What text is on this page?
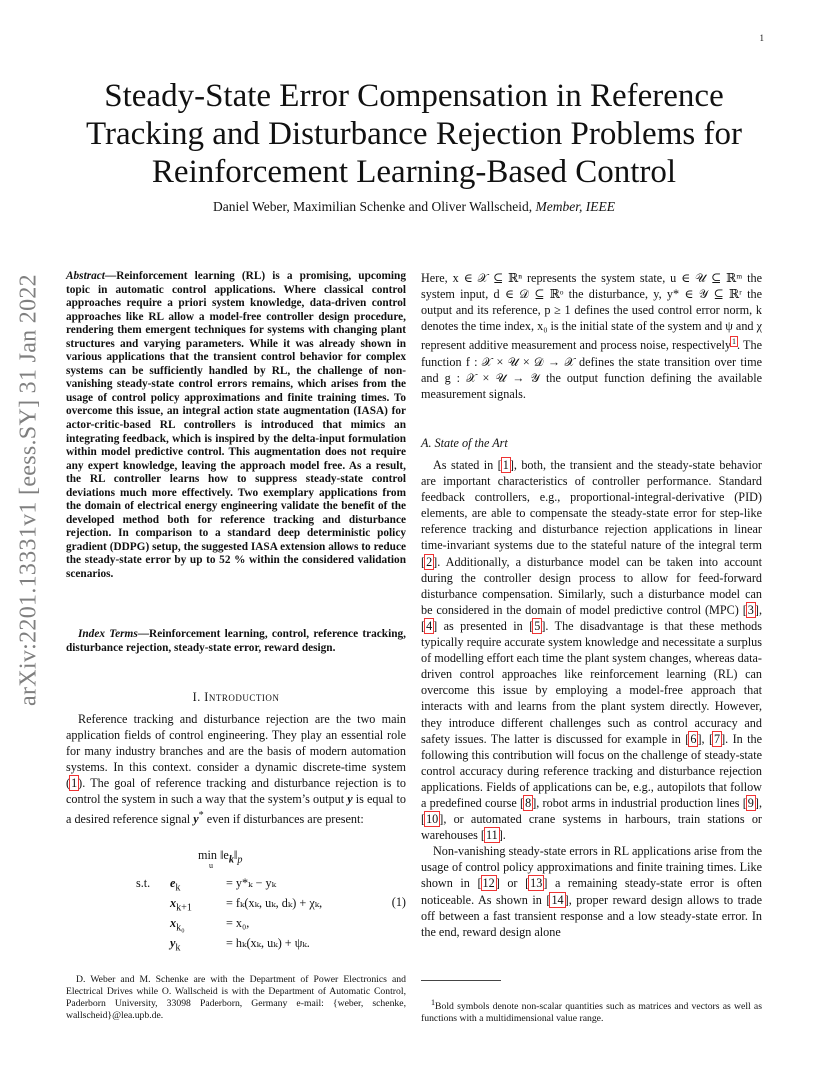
1
arXiv:2201.13331v1 [eess.SY] 31 Jan 2022
Steady-State Error Compensation in Reference
Tracking and Disturbance Rejection Problems for
Reinforcement Learning-Based Control
Daniel Weber, Maximilian Schenke and Oliver Wallscheid, Member, IEEE

Abstract—Reinforcement learning (RL) is a promising, upcoming topic in automatic control applications. Where classical control approaches require a priori system knowledge, data-driven control approaches like RL allow a model-free controller design procedure, rendering them emergent techniques for systems with changing plant structures and varying parameters. While it was already shown in various applications that the transient control behavior for complex systems can be sufficiently handled by RL, the challenge of non-vanishing steady-state control errors remains, which arises from the usage of control policy approximations and finite training times. To overcome this issue, an integral action state augmentation (IASA) for actor-critic-based RL controllers is introduced that mimics an integrating feedback, which is inspired by the delta-input formulation within model predictive control. This augmentation does not require any expert knowledge, leaving the approach model free. As a result, the RL controller learns how to suppress steady-state control deviations much more effectively. Two exemplary applications from the domain of electrical energy engineering validate the benefit of the developed method both for reference tracking and disturbance rejection. In comparison to a standard deep deterministic policy gradient (DDPG) setup, the suggested IASA extension allows to reduce the steady-state error by up to 52 % within the considered validation scenarios.

Index Terms—Reinforcement learning, control, reference tracking, disturbance rejection, steady-state error, reward design.

I. Introduction

Reference tracking and disturbance rejection are the two main application fields of control engineering. They play an essential role for many industry branches and are the basis of modern automation systems. In this context. consider a dynamic discrete-time system (1). The goal of reference tracking and disturbance rejection is to control the system in such a way that the system’s output y is equal to a desired reference signal y* even if disturbances are present:

$\min ‖e_k‖_p$
u
s.t. $e_k$	= y*ₖ − yₖ
$x_{k+1}$	= fₖ(xₖ, uₖ, dₖ) + χₖ,
$x_{k_0}$	= x₀,
$y_k$	= hₖ(xₖ, uₖ) + ψₖ.
(1)

D. Weber and M. Schenke are with the Department of Power Electronics and Electrical Drives while O. Wallscheid is with the Department of Automatic Control, Paderborn University, 33098 Paderborn, Germany e-mail: {weber, schenke, wallscheid}@lea.upb.de.

Here, x ∈ 𝒳 ⊆ ℝⁿ represents the system state, u ∈ 𝒰 ⊆ ℝᵐ the system input, d ∈ 𝒟 ⊆ ℝᵒ the disturbance, y, y* ∈ 𝒴 ⊆ ℝʳ the output and its reference, p ≥ 1 defines the used control error norm, k denotes the time index, x₀ is the initial state of the system and ψ and χ represent additive measurement and process noise, respectively$^1$. The function f : 𝒳 × 𝒰 × 𝒟 → 𝒳 defines the state transition over time and g : 𝒳 × 𝒰 → 𝒴 the output function defining the available measurement signals.

A. State of the Art

As stated in [1], both, the transient and the steady-state behavior are important characteristics of controller performance. Standard feedback controllers, e.g., proportional-integral-derivative (PID) elements, are able to compensate the steady-state error for step-like reference tracking and disturbance rejection applications in linear time-invariant systems due to the stateful nature of the integral term [2]. Additionally, a disturbance model can be taken into account during the controller design process to allow for feed-forward disturbance compensation. Similarly, such a disturbance model can be considered in the domain of model predictive control (MPC) [3], [4] as presented in [5]. The disadvantage is that these methods typically require accurate system knowledge and necessitate a surplus of modelling effort each time the plant system changes, whereas data-driven control approaches like reinforcement learning (RL) can overcome this issue by employing a model-free approach that interacts with and learns from the plant system directly. However, they introduce different challenges such as control accuracy and safety issues. The latter is discussed for example in [6], [7]. In the following this contribution will focus on the challenge of steady-state control accuracy during reference tracking and disturbance rejection applications. Fields of applications can be, e.g., autopilots that follow a predefined course [8], robot arms in industrial production lines [9], [10], or automated crane systems in harbours, train stations or warehouses [11].

Non-vanishing steady-state errors in RL applications arise from the usage of control policy approximations and finite training times. Like shown in [12] or [13] a remaining steady-state error is often noticeable. As shown in [14], proper reward design allows to trade off between a fast transient response and a low steady-state error. In the end, reward design alone

$^1$Bold symbols denote non-scalar quantities such as matrices and vectors as well as functions with a multidimensional value range.
